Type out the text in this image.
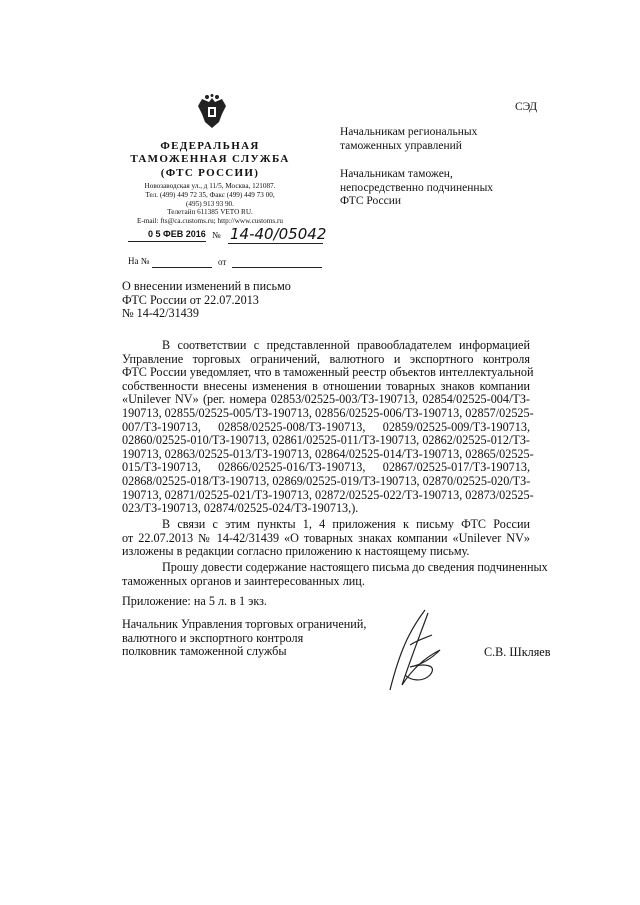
СЭД
ФЕДЕРАЛЬНАЯ
ТАМОЖЕННАЯ СЛУЖБА
(ФТС РОССИИ)
Новозаводская ул., д 11/5, Москва, 121087.
Тел. (499) 449 72 35, Факс (499) 449 73 00,
(495) 913 93 90.
Телетайп 611385 VETO RU.
E-mail: fts@ca.customs.ru; http://www.customs.ru
0 5 ФЕВ 2016 № 14-40/05042
На №	от
Начальникам региональных
таможенных управлений
Начальникам таможен,
непосредственно подчиненных
ФТС России
О внесении изменений в письмо
ФТС России от 22.07.2013
№ 14-42/31439
В соответствии с представленной правообладателем информацией
Управление торговых ограничений, валютного и экспортного контроля
ФТС России уведомляет, что в таможенный реестр объектов интеллектуальной
собственности внесены изменения в отношении товарных знаков компании
«Unilever NV» (рег. номера 02853/02525-003/ТЗ-190713, 02854/02525-004/ТЗ-
190713, 02855/02525-005/ТЗ-190713, 02856/02525-006/ТЗ-190713, 02857/02525-
007/ТЗ-190713, 02858/02525-008/ТЗ-190713, 02859/02525-009/ТЗ-190713,
02860/02525-010/ТЗ-190713, 02861/02525-011/ТЗ-190713, 02862/02525-012/ТЗ-
190713, 02863/02525-013/ТЗ-190713, 02864/02525-014/ТЗ-190713, 02865/02525-
015/ТЗ-190713, 02866/02525-016/ТЗ-190713, 02867/02525-017/ТЗ-190713,
02868/02525-018/ТЗ-190713, 02869/02525-019/ТЗ-190713, 02870/02525-020/ТЗ-
190713, 02871/02525-021/ТЗ-190713, 02872/02525-022/ТЗ-190713, 02873/02525-
023/ТЗ-190713, 02874/02525-024/ТЗ-190713,).
В связи с этим пункты 1, 4 приложения к письму ФТС России
от 22.07.2013 № 14-42/31439 «О товарных знаках компании «Unilever NV»
изложены в редакции согласно приложению к настоящему письму.
Прошу довести содержание настоящего письма до сведения подчиненных
таможенных органов и заинтересованных лиц.
Приложение: на 5 л. в 1 экз.
Начальник Управления торговых ограничений,
валютного и экспортного контроля
полковник таможенной службы	С.В. Шкляев
